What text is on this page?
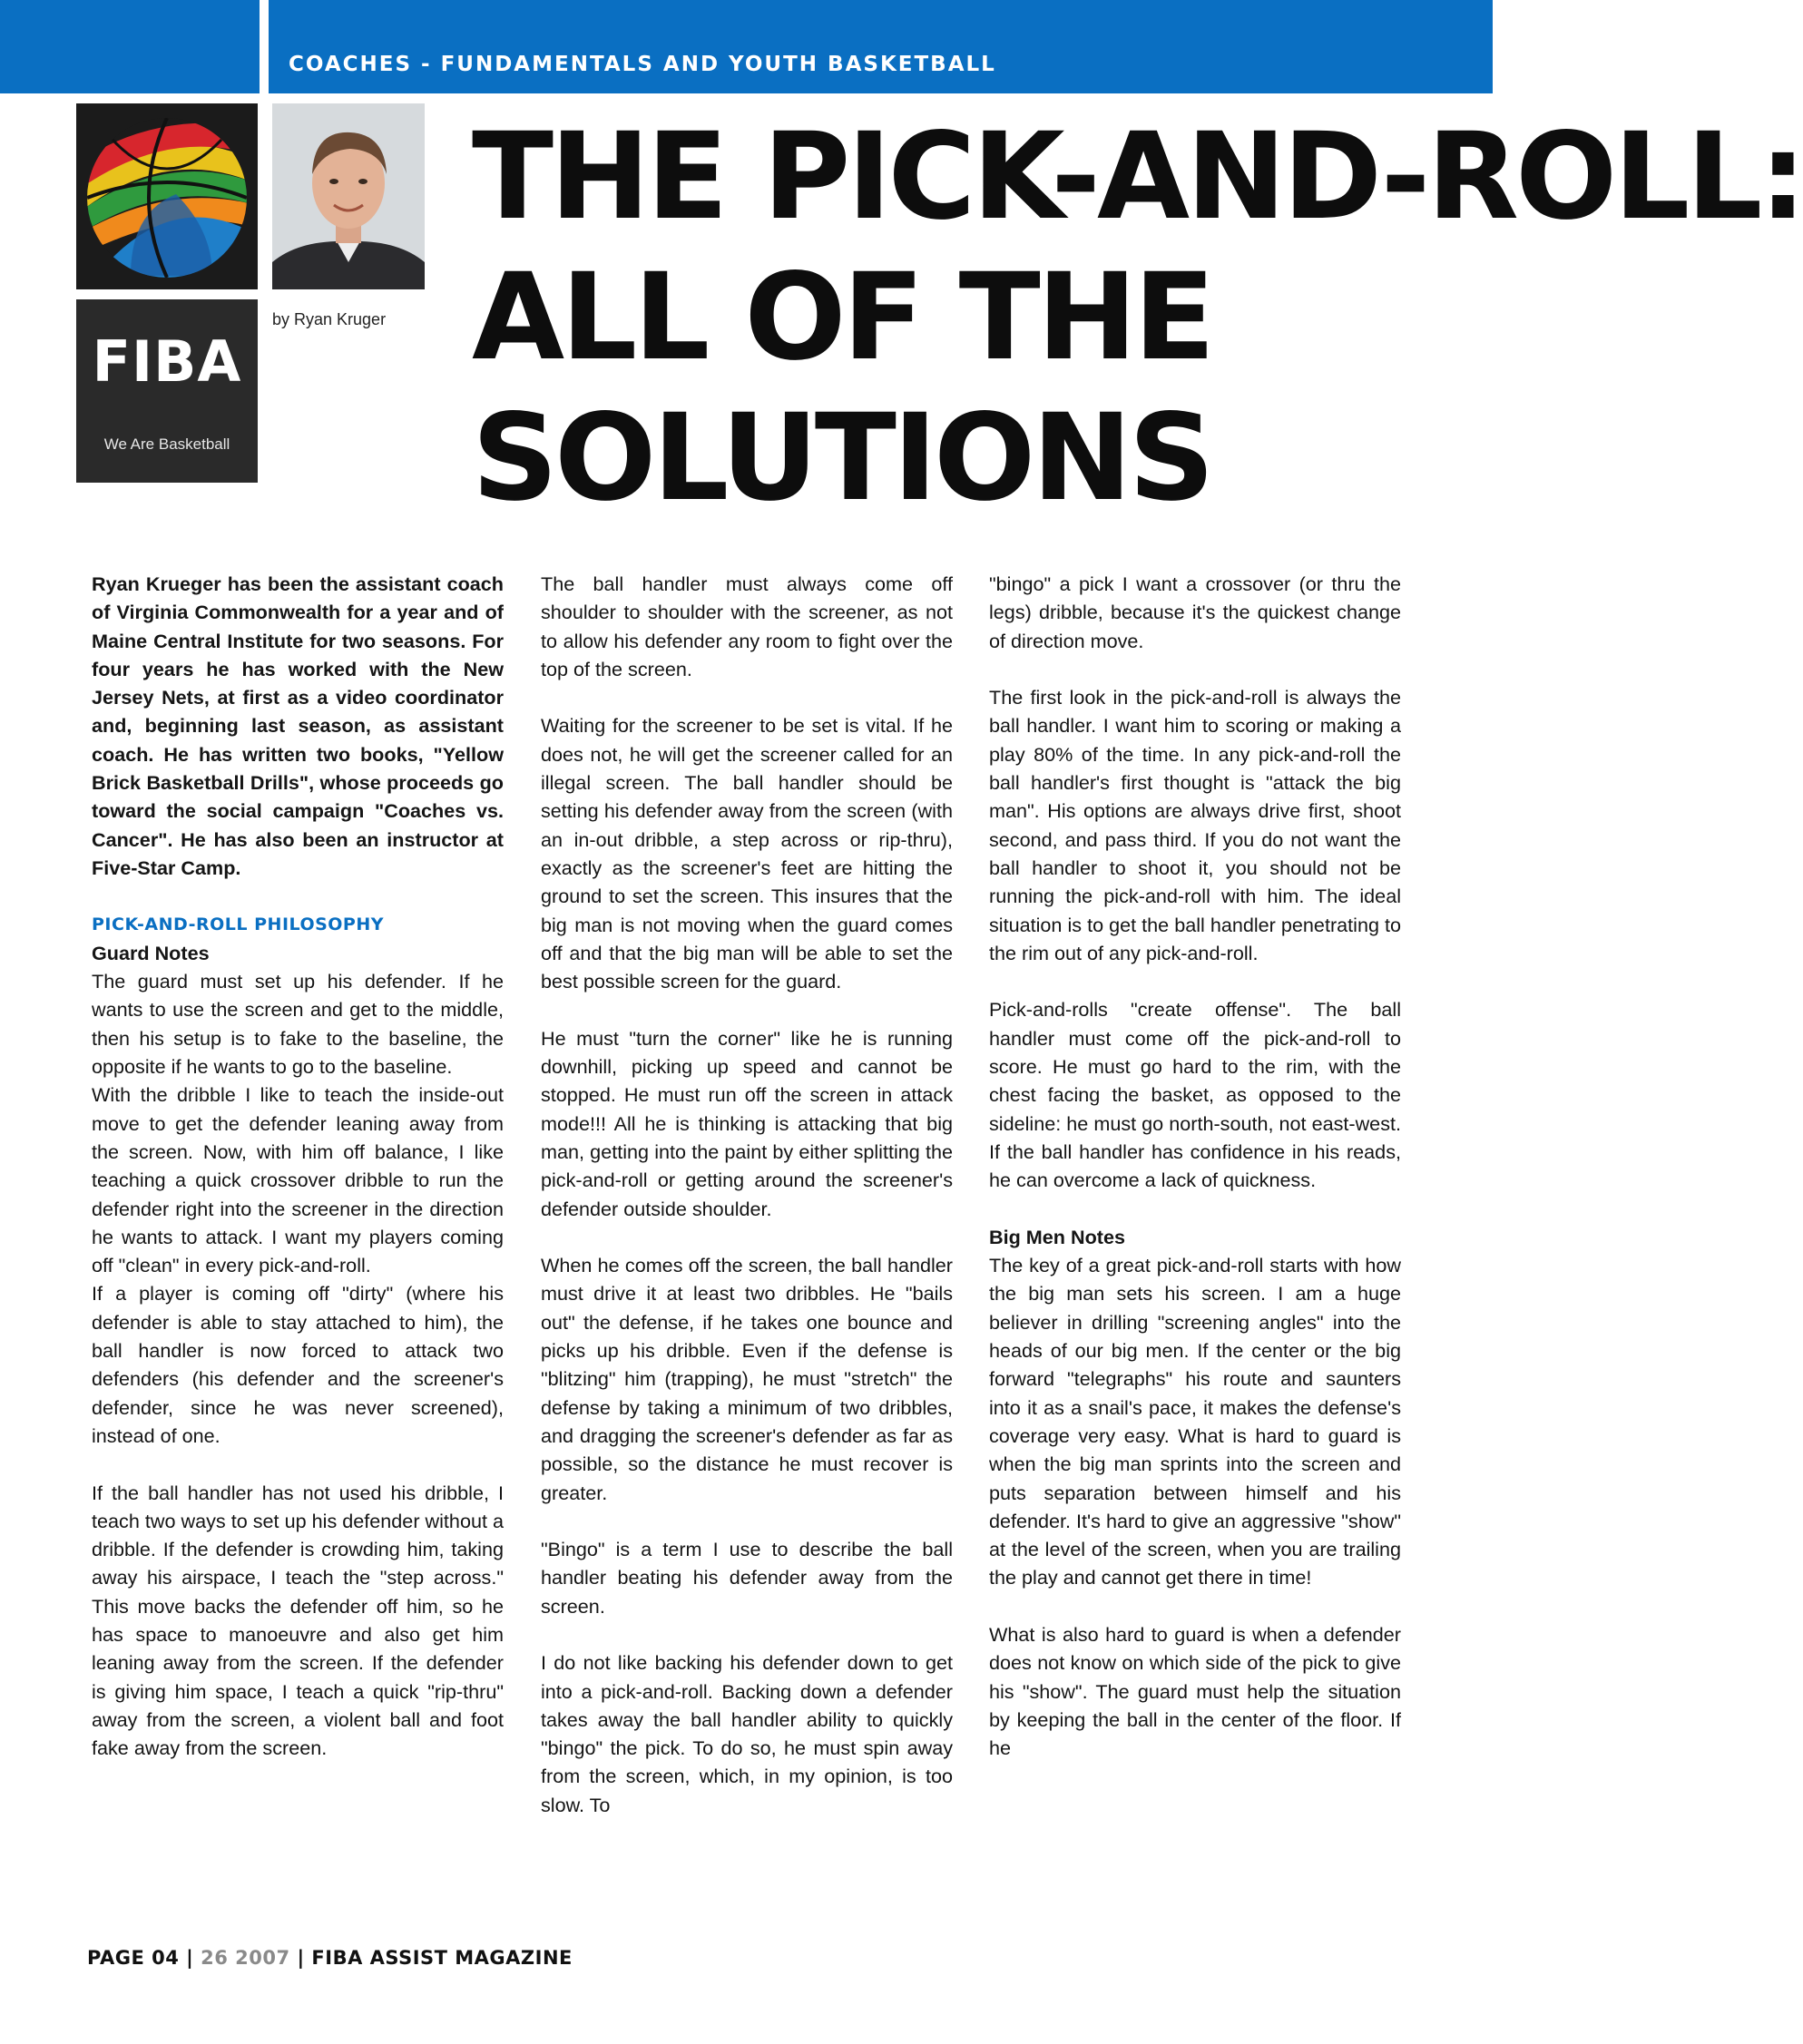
COACHES - FUNDAMENTALS AND YOUTH BASKETBALL
FIBA
We Are Basketball
by Ryan Kruger
THE PICK-AND-ROLL:
ALL OF THE
SOLUTIONS

Ryan Krueger has been the assistant coach of Virginia Commonwealth for a year and of Maine Central Institute for two seasons. For four years he has worked with the New Jersey Nets, at first as a video coordinator and, beginning last season, as assistant coach. He has written two books, "Yellow Brick Basketball Drills", whose proceeds go toward the social campaign "Coaches vs. Cancer". He has also been an instructor at Five-Star Camp.

PICK-AND-ROLL PHILOSOPHY

Guard Notes

The guard must set up his defender. If he wants to use the screen and get to the middle, then his setup is to fake to the baseline, the opposite if he wants to go to the baseline.

With the dribble I like to teach the inside-out move to get the defender leaning away from the screen. Now, with him off balance, I like teaching a quick crossover dribble to run the defender right into the screener in the direction he wants to attack. I want my players coming off "clean" in every pick-and-roll.

If a player is coming off "dirty" (where his defender is able to stay attached to him), the ball handler is now forced to attack two defenders (his defender and the screener's defender, since he was never screened), instead of one.

If the ball handler has not used his dribble, I teach two ways to set up his defender without a dribble. If the defender is crowding him, taking away his airspace, I teach the "step across." This move backs the defender off him, so he has space to manoeuvre and also get him leaning away from the screen. If the defender is giving him space, I teach a quick "rip-thru" away from the screen, a violent ball and foot fake away from the screen.

The ball handler must always come off shoulder to shoulder with the screener, as not to allow his defender any room to fight over the top of the screen.

Waiting for the screener to be set is vital. If he does not, he will get the screener called for an illegal screen. The ball handler should be setting his defender away from the screen (with an in-out dribble, a step across or rip-thru), exactly as the screener's feet are hitting the ground to set the screen. This insures that the big man is not moving when the guard comes off and that the big man will be able to set the best possible screen for the guard.

He must "turn the corner" like he is running downhill, picking up speed and cannot be stopped. He must run off the screen in attack mode!!! All he is thinking is attacking that big man, getting into the paint by either splitting the pick-and-roll or getting around the screener's defender outside shoulder.

When he comes off the screen, the ball handler must drive it at least two dribbles. He "bails out" the defense, if he takes one bounce and picks up his dribble. Even if the defense is "blitzing" him (trapping), he must "stretch" the defense by taking a minimum of two dribbles, and dragging the screener's defender as far as possible, so the distance he must recover is greater.

"Bingo" is a term I use to describe the ball handler beating his defender away from the screen.

I do not like backing his defender down to get into a pick-and-roll. Backing down a defender takes away the ball handler ability to quickly "bingo" the pick. To do so, he must spin away from the screen, which, in my opinion, is too slow. To

"bingo" a pick I want a crossover (or thru the legs) dribble, because it's the quickest change of direction move.

The first look in the pick-and-roll is always the ball handler. I want him to scoring or making a play 80% of the time. In any pick-and-roll the ball handler's first thought is "attack the big man". His options are always drive first, shoot second, and pass third. If you do not want the ball handler to shoot it, you should not be running the pick-and-roll with him. The ideal situation is to get the ball handler penetrating to the rim out of any pick-and-roll.

Pick-and-rolls "create offense". The ball handler must come off the pick-and-roll to score. He must go hard to the rim, with the chest facing the basket, as opposed to the sideline: he must go north-south, not east-west. If the ball handler has confidence in his reads, he can overcome a lack of quickness.

Big Men Notes

The key of a great pick-and-roll starts with how the big man sets his screen. I am a huge believer in drilling "screening angles" into the heads of our big men. If the center or the big forward "telegraphs" his route and saunters into it as a snail's pace, it makes the defense's coverage very easy. What is hard to guard is when the big man sprints into the screen and puts separation between himself and his defender. It's hard to give an aggressive "show" at the level of the screen, when you are trailing the play and cannot get there in time!

What is also hard to guard is when a defender does not know on which side of the pick to give his "show". The guard must help the situation by keeping the ball in the center of the floor. If he

PAGE 04 | 26 2007 | FIBA ASSIST MAGAZINE
